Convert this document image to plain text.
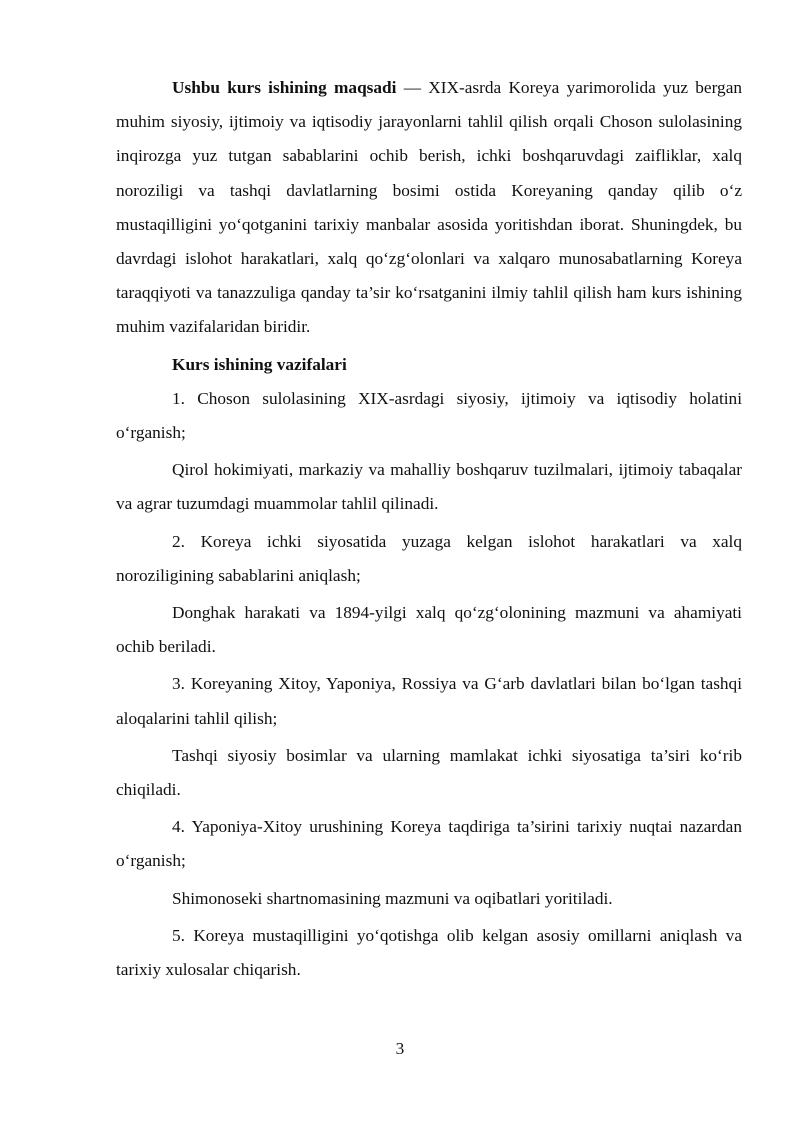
Ushbu kurs ishining maqsadi — XIX-asrda Koreya yarimorolida yuz bergan muhim siyosiy, ijtimoiy va iqtisodiy jarayonlarni tahlil qilish orqali Choson sulolasining inqirozga yuz tutgan sabablarini ochib berish, ichki boshqaruvdagi zaifliklar, xalq noroziligi va tashqi davlatlarning bosimi ostida Koreyaning qanday qilib o‘z mustaqilligini yo‘qotganini tarixiy manbalar asosida yoritishdan iborat. Shuningdek, bu davrdagi islohot harakatlari, xalq qo‘zg‘olonlari va xalqaro munosabatlarning Koreya taraqqiyoti va tanazzuliga qanday ta’sir ko‘rsatganini ilmiy tahlil qilish ham kurs ishining muhim vazifalaridan biridir.

Kurs ishining vazifalari

1. Choson sulolasining XIX-asrdagi siyosiy, ijtimoiy va iqtisodiy holatini o‘rganish;

Qirol hokimiyati, markaziy va mahalliy boshqaruv tuzilmalari, ijtimoiy tabaqalar va agrar tuzumdagi muammolar tahlil qilinadi.

2. Koreya ichki siyosatida yuzaga kelgan islohot harakatlari va xalq noroziligining sabablarini aniqlash;

Donghak harakati va 1894-yilgi xalq qo‘zg‘olonining mazmuni va ahamiyati ochib beriladi.

3. Koreyaning Xitoy, Yaponiya, Rossiya va G‘arb davlatlari bilan bo‘lgan tashqi aloqalarini tahlil qilish;

Tashqi siyosiy bosimlar va ularning mamlakat ichki siyosatiga ta’siri ko‘rib chiqiladi.

4. Yaponiya-Xitoy urushining Koreya taqdiriga ta’sirini tarixiy nuqtai nazardan o‘rganish;

Shimonoseki shartnomasining mazmuni va oqibatlari yoritiladi.

5. Koreya mustaqilligini yo‘qotishga olib kelgan asosiy omillarni aniqlash va tarixiy xulosalar chiqarish.

3
